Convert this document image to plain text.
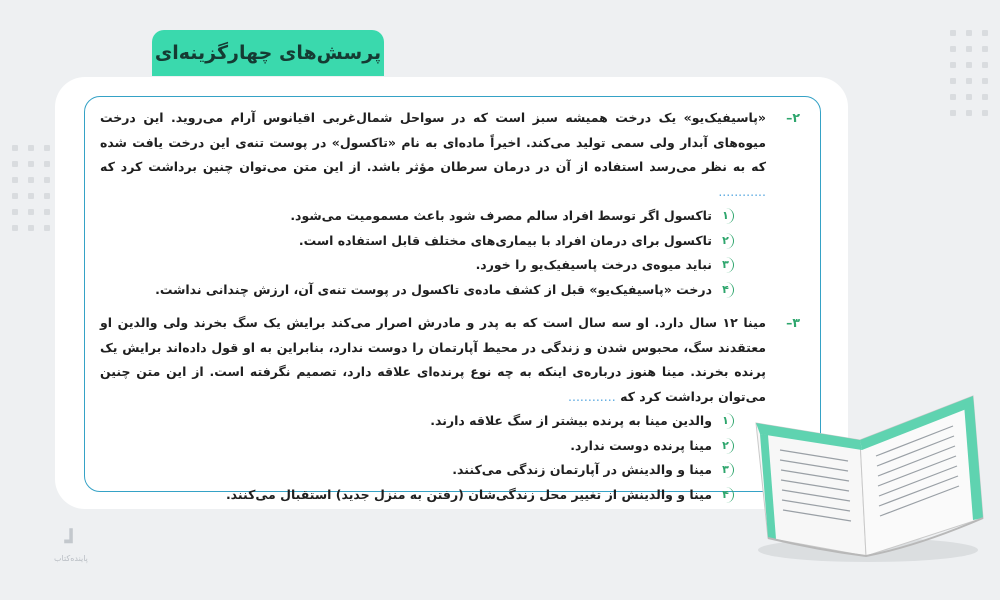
پرسش‌های چهارگزینه‌ای
۲–

«پاسیفیک‌یو» یک درخت همیشه سبز است که در سواحل شمال‌غربی اقیانوس آرام می‌روید. این درخت میوه‌های آبدار ولی سمی تولید می‌کند. اخیراً ماده‌ای به نام «تاکسول» در پوست تنه‌ی این درخت یافت شده که به نظر می‌رسد استفاده از آن در درمان سرطان مؤثر باشد. از این متن می‌توان چنین برداشت کرد که ............

۱
تاکسول اگر توسط افراد سالم مصرف شود باعث مسمومیت می‌شود.
۲
تاکسول برای درمان افراد با بیماری‌های مختلف قابل استفاده است.
۳
نباید میوه‌ی درخت پاسیفیک‌یو را خورد.
۴
درخت «پاسیفیک‌یو» قبل از کشف ماده‌ی تاکسول در پوست تنه‌ی آن، ارزش چندانی نداشت.
۳–

مینا ۱۲ سال دارد. او سه سال است که به پدر و مادرش اصرار می‌کند برایش یک سگ بخرند ولی والدین او معتقدند سگ، محبوس شدن و زندگی در محیط آپارتمان را دوست ندارد، بنابراین به او قول داده‌اند برایش یک پرنده بخرند. مینا هنوز درباره‌ی اینکه به چه نوع پرنده‌ای علاقه دارد، تصمیم نگرفته است. از این متن چنین می‌توان برداشت کرد که ............

۱
والدین مینا به پرنده بیشتر از سگ علاقه دارند.
۲
مینا پرنده دوست ندارد.
۳
مینا و والدینش در آپارتمان زندگی می‌کنند.
۴
مینا و والدینش از تغییر محل زندگی‌شان (رفتن به منزل جدید) استقبال می‌کنند.
┛
پاینده‌کتاب
